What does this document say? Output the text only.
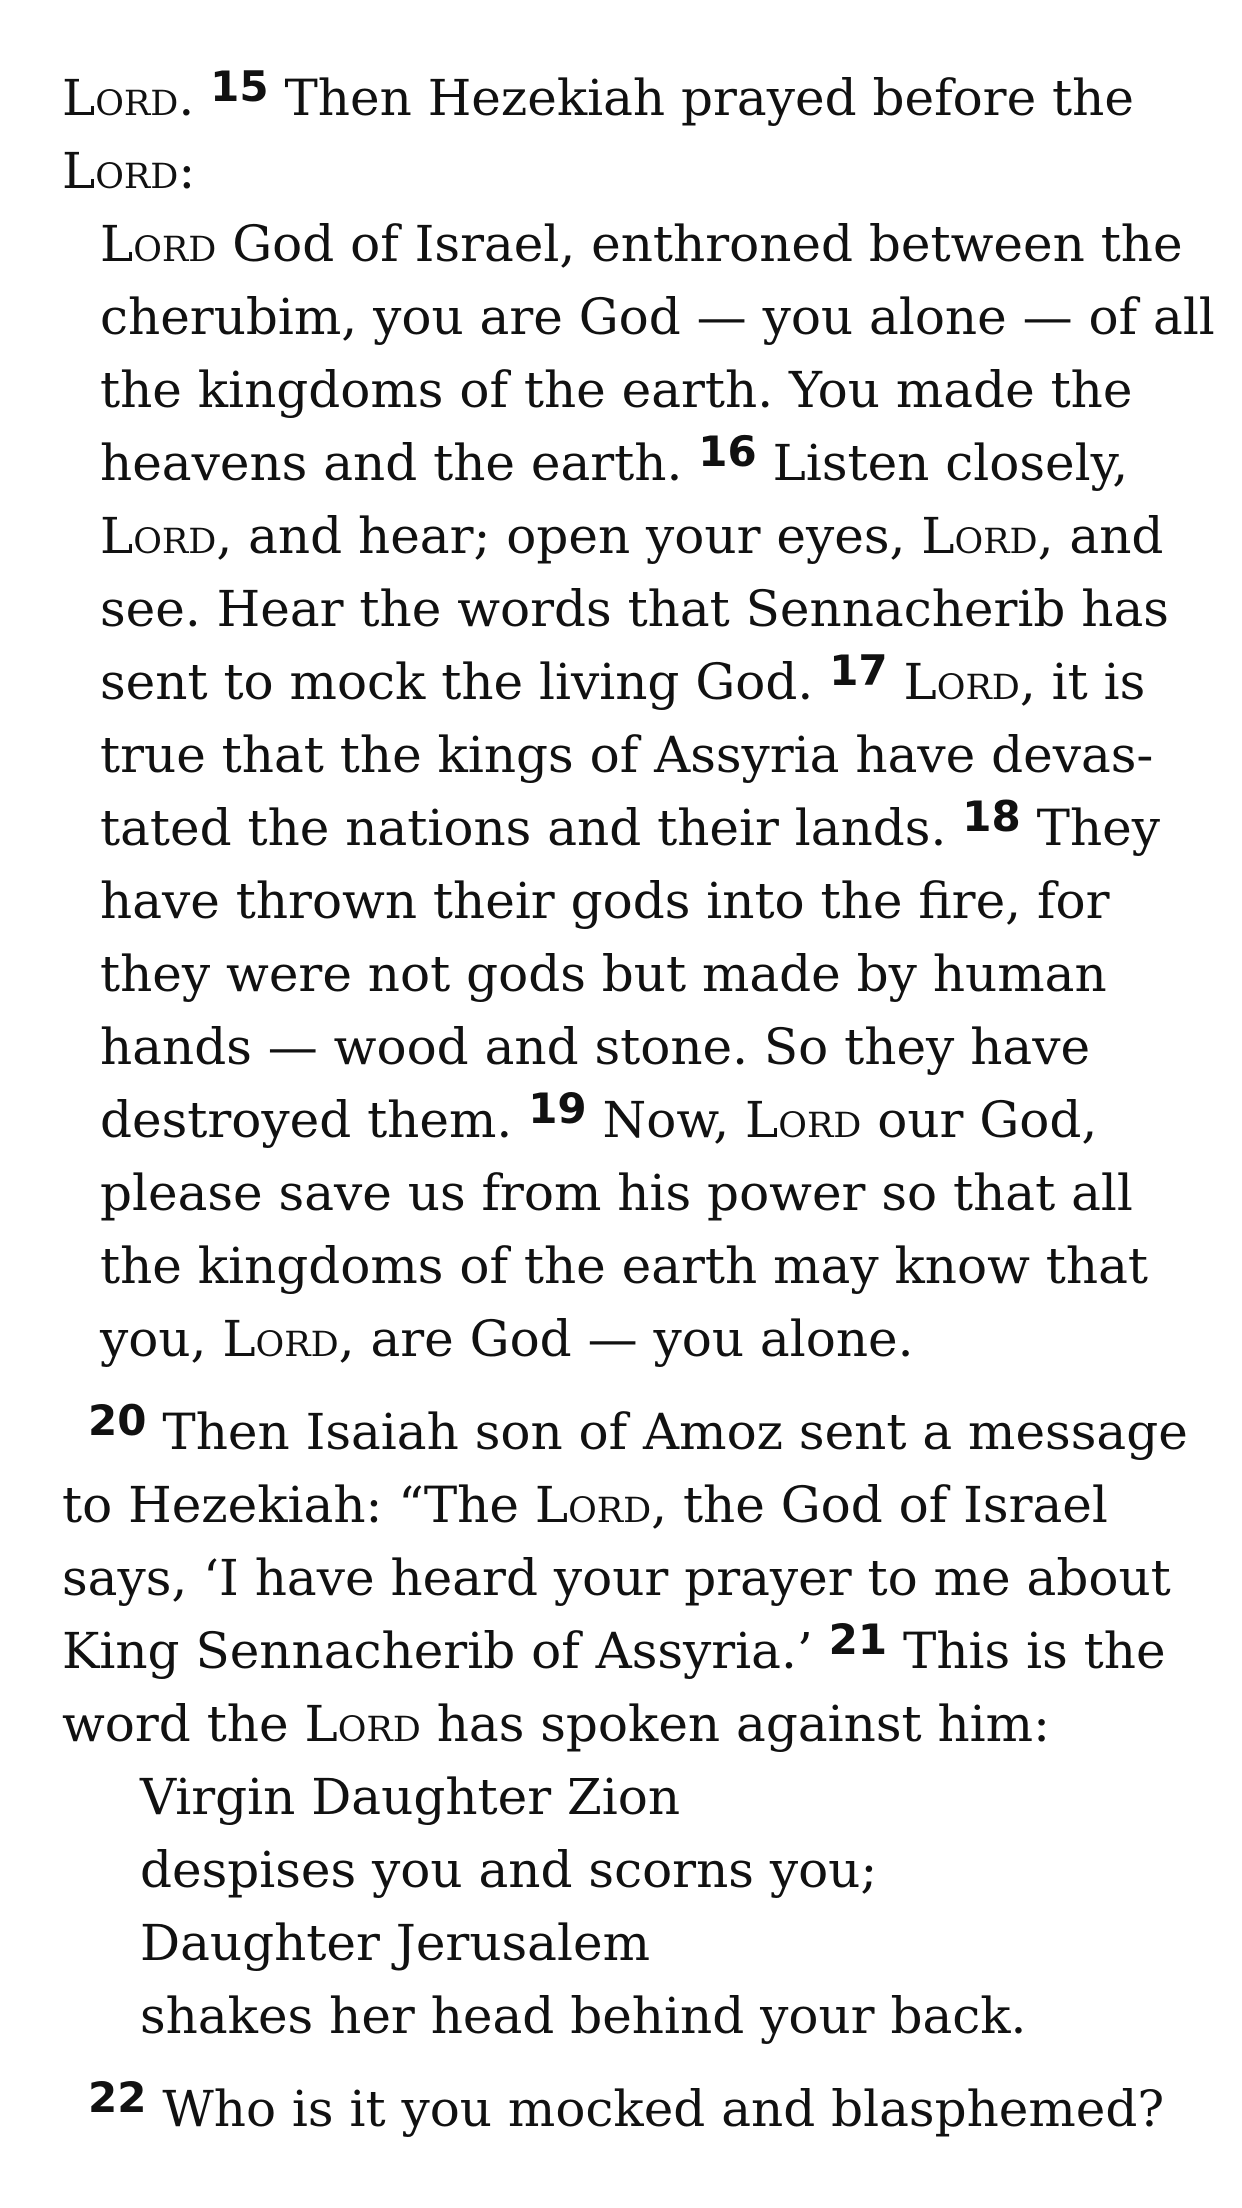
Lord. $^{15}$ Then Hezekiah prayed before the
Lord:
Lord God of Israel, enthroned between the
cherubim, you are God — you alone — of all
the kingdoms of the earth. You made the
heavens and the earth. $^{16}$ Listen closely,
Lord, and hear; open your eyes, Lord, and
see. Hear the words that Sennacherib has
sent to mock the living God. $^{17}$ Lord, it is
true that the kings of Assyria have devas-
tated the nations and their lands. $^{18}$ They
have thrown their gods into the fire, for
they were not gods but made by human
hands — wood and stone. So they have
destroyed them. $^{19}$ Now, Lord our God,
please save us from his power so that all
the kingdoms of the earth may know that
you, Lord, are God — you alone.
$^{20}$ Then Isaiah son of Amoz sent a message
to Hezekiah: “The Lord, the God of Israel
says, ‘I have heard your prayer to me about
King Sennacherib of Assyria.’ $^{21}$ This is the
word the Lord has spoken against him:
Virgin Daughter Zion
despises you and scorns you;
Daughter Jerusalem
shakes her head behind your back.
$^{22}$ Who is it you mocked and blasphemed?
